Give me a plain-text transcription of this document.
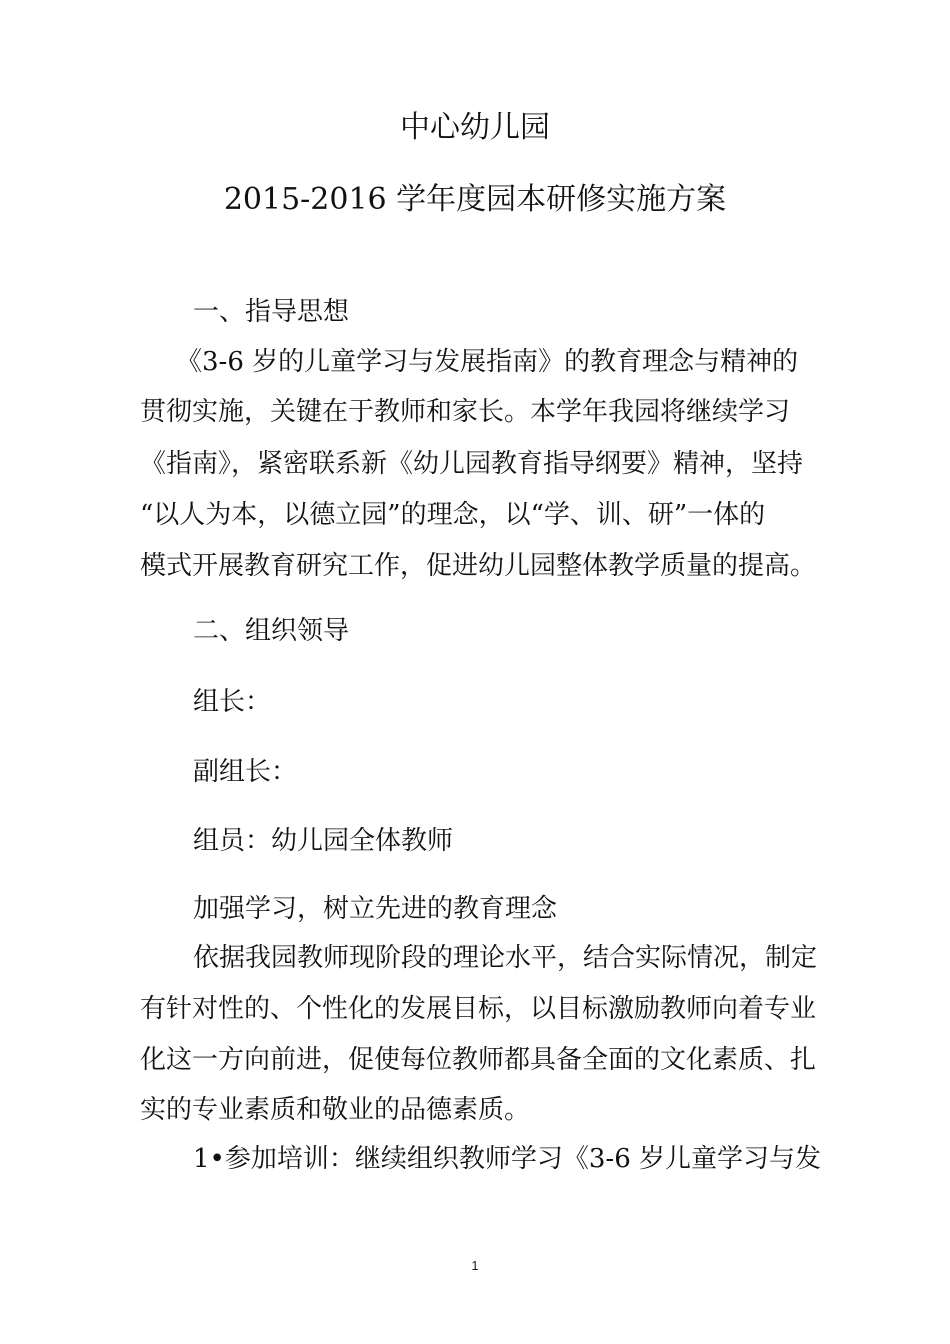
中心幼儿园
2015-2016 学年度园本研修实施方案
一、指导思想
《3-6 岁的儿童学习与发展指南》的教育理念与精神的
贯彻实施，关键在于教师和家长。本学年我园将继续学习
《指南》，紧密联系新《幼儿园教育指导纲要》精神，坚持
“以人为本，以德立园”的理念，以“学、训、研”一体的
模式开展教育研究工作，促进幼儿园整体教学质量的提高。
二、组织领导
组长：
副组长：
组员：幼儿园全体教师
加强学习，树立先进的教育理念
依据我园教师现阶段的理论水平，结合实际情况，制定
有针对性的、个性化的发展目标，以目标激励教师向着专业
化这一方向前进，促使每位教师都具备全面的文化素质、扎
实的专业素质和敬业的品德素质。
1•参加培训：继续组织教师学习《3-6 岁儿童学习与发
1
